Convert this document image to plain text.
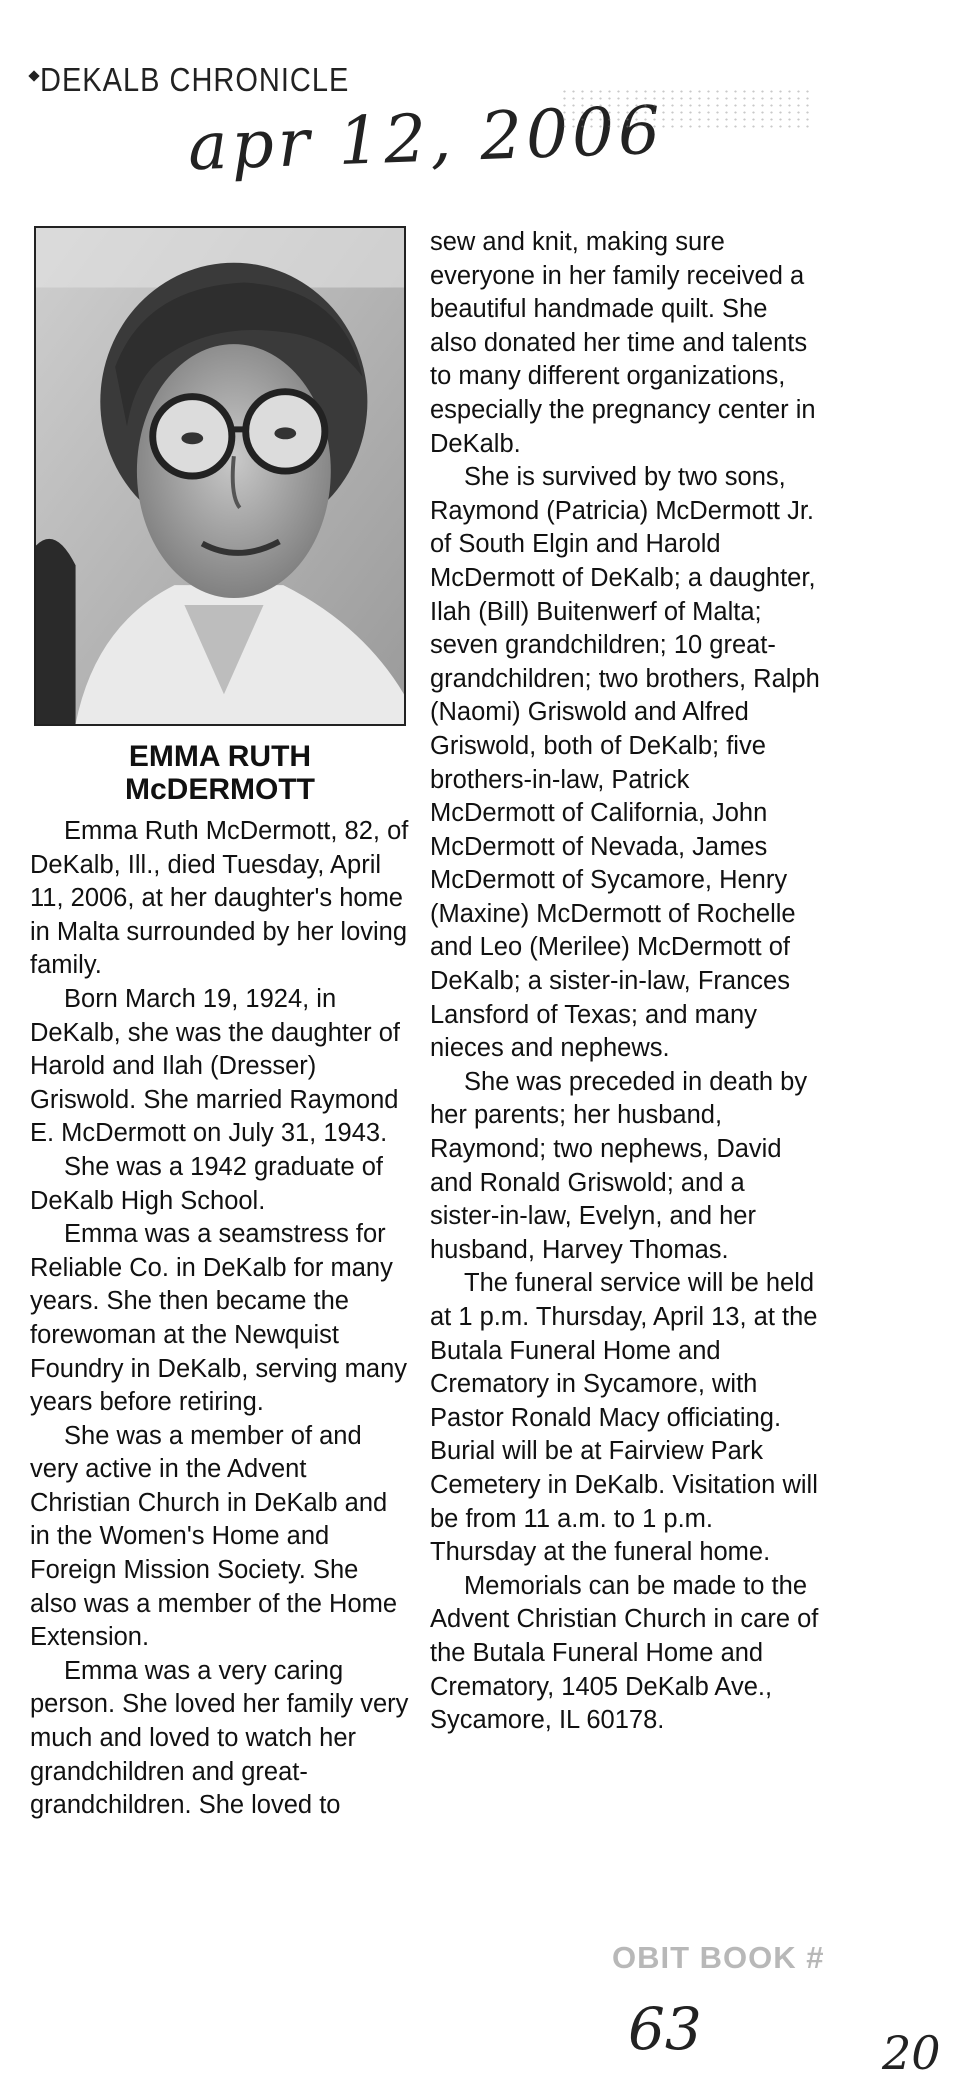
DEKALB CHRONICLE
apr 12, 2006
EMMA RUTH
McDERMOTT

Emma Ruth McDermott, 82, of DeKalb, Ill., died Tuesday, April 11, 2006, at her daughter's home in Malta surrounded by her loving family.

Born March 19, 1924, in DeKalb, she was the daughter of Harold and Ilah (Dresser) Griswold. She married Raymond E. McDermott on July 31, 1943.

She was a 1942 graduate of DeKalb High School.

Emma was a seamstress for Reliable Co. in DeKalb for many years. She then became the forewoman at the Newquist Foundry in DeKalb, serving many years before retiring.

She was a member of and very active in the Advent Christian Church in DeKalb and in the Women's Home and Foreign Mission Society. She also was a member of the Home Extension.

Emma was a very caring person. She loved her family very much and loved to watch her grandchildren and great-grandchildren. She loved to

sew and knit, making sure everyone in her family received a beautiful handmade quilt. She also donated her time and talents to many different organizations, especially the pregnancy center in DeKalb.

She is survived by two sons, Raymond (Patricia) McDermott Jr. of South Elgin and Harold McDermott of DeKalb; a daughter, Ilah (Bill) Buitenwerf of Malta; seven grandchildren; 10 great-grandchildren; two brothers, Ralph (Naomi) Griswold and Alfred Griswold, both of DeKalb; five brothers-in-law, Patrick McDermott of California, John McDermott of Nevada, James McDermott of Sycamore, Henry (Maxine) McDermott of Rochelle and Leo (Merilee) McDermott of DeKalb; a sister-in-law, Frances Lansford of Texas; and many nieces and nephews.

She was preceded in death by her parents; her husband, Raymond; two nephews, David and Ronald Griswold; and a sister-in-law, Evelyn, and her husband, Harvey Thomas.

The funeral service will be held at 1 p.m. Thursday, April 13, at the Butala Funeral Home and Crematory in Sycamore, with Pastor Ronald Macy officiating. Burial will be at Fairview Park Cemetery in DeKalb. Visitation will be from 11 a.m. to 1 p.m. Thursday at the funeral home.

Memorials can be made to the Advent Christian Church in care of the Butala Funeral Home and Crematory, 1405 DeKalb Ave., Sycamore, IL 60178.

OBIT BOOK #
63	20
